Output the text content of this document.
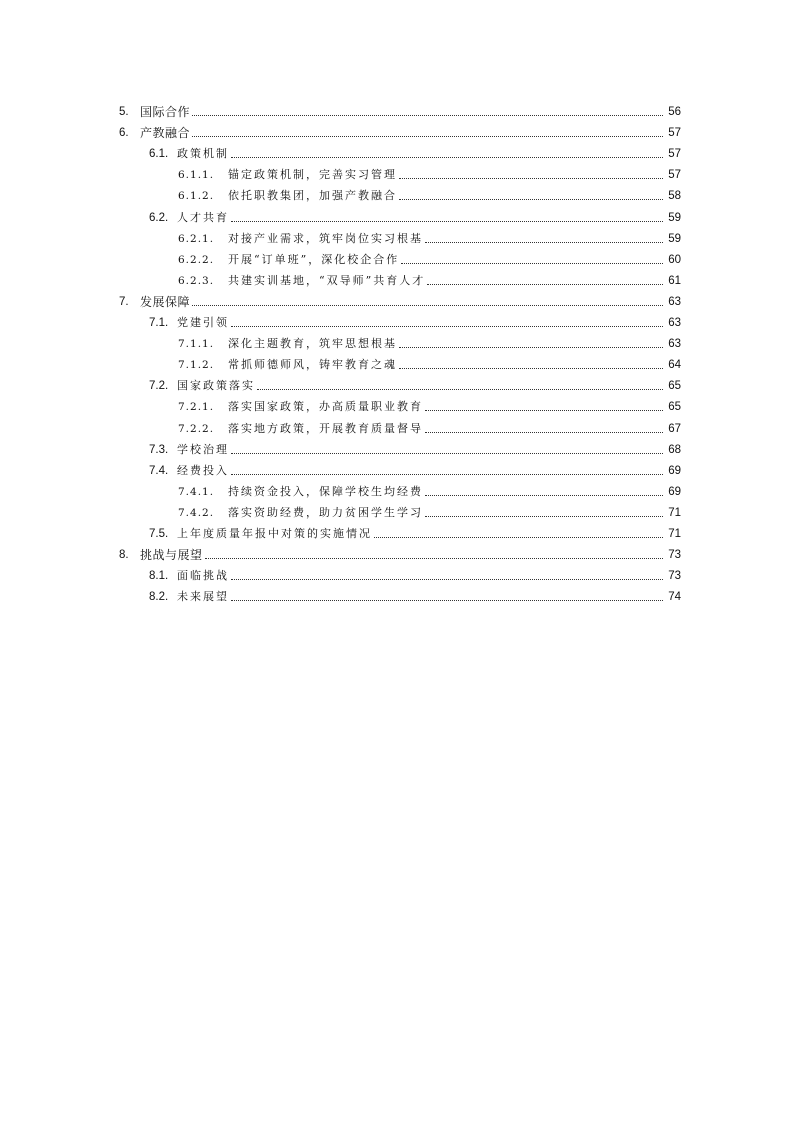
5. 国际合作	56
6. 产教融合	57
6.1. 政策机制	57
6.1.1.	锚定政策机制，完善实习管理	57
6.1.2.	依托职教集团，加强产教融合	58
6.2. 人才共育	59
6.2.1.	对接产业需求，筑牢岗位实习根基	59
6.2.2.	开展“订单班”，深化校企合作	60
6.2.3.	共建实训基地，“双导师”共育人才	61
7. 发展保障	63
7.1. 党建引领	63
7.1.1.	深化主题教育，筑牢思想根基	63
7.1.2.	常抓师德师风，铸牢教育之魂	64
7.2. 国家政策落实	65
7.2.1.	落实国家政策，办高质量职业教育	65
7.2.2.	落实地方政策，开展教育质量督导	67
7.3. 学校治理	68
7.4. 经费投入	69
7.4.1.	持续资金投入，保障学校生均经费	69
7.4.2.	落实资助经费，助力贫困学生学习	71
7.5. 上年度质量年报中对策的实施情况	71
8. 挑战与展望	73
8.1. 面临挑战	73
8.2. 未来展望	74
